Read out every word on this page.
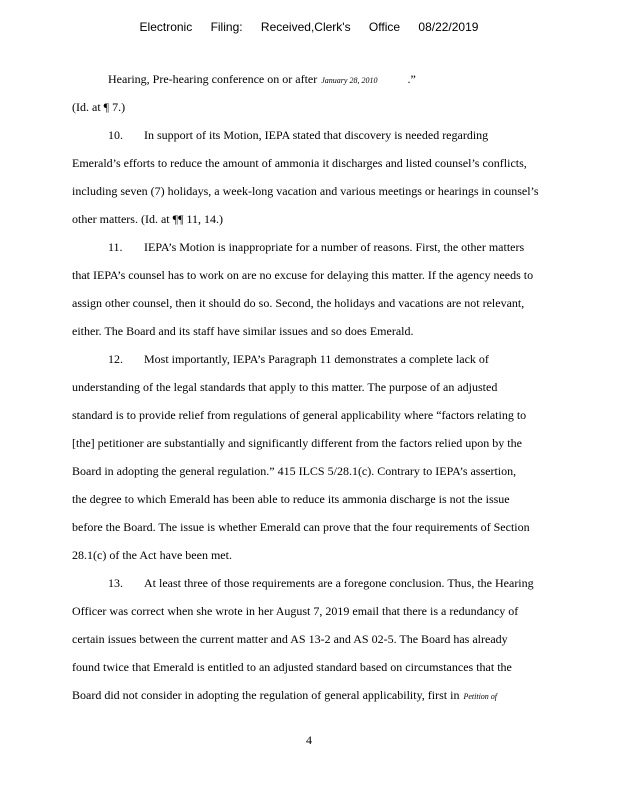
Electronic Filing: Received,Clerk's Office 08/22/2019
Hearing, Pre-hearing conference on or after January 28, 2010	.”
(Id. at ¶ 7.)
10. In support of its Motion, IEPA stated that discovery is needed regarding
Emerald’s efforts to reduce the amount of ammonia it discharges and listed counsel’s conflicts,
including seven (7) holidays, a week-long vacation and various meetings or hearings in counsel’s
other matters. (Id. at ¶¶ 11, 14.)
11. IEPA’s Motion is inappropriate for a number of reasons. First, the other matters
that IEPA’s counsel has to work on are no excuse for delaying this matter. If the agency needs to
assign other counsel, then it should do so. Second, the holidays and vacations are not relevant,
either. The Board and its staff have similar issues and so does Emerald.
12. Most importantly, IEPA’s Paragraph 11 demonstrates a complete lack of
understanding of the legal standards that apply to this matter. The purpose of an adjusted
standard is to provide relief from regulations of general applicability where “factors relating to
[the] petitioner are substantially and significantly different from the factors relied upon by the
Board in adopting the general regulation.” 415 ILCS 5/28.1(c). Contrary to IEPA’s assertion,
the degree to which Emerald has been able to reduce its ammonia discharge is not the issue
before the Board. The issue is whether Emerald can prove that the four requirements of Section
28.1(c) of the Act have been met.
13. At least three of those requirements are a foregone conclusion. Thus, the Hearing
Officer was correct when she wrote in her August 7, 2019 email that there is a redundancy of
certain issues between the current matter and AS 13-2 and AS 02-5. The Board has already
found twice that Emerald is entitled to an adjusted standard based on circumstances that the
Board did not consider in adopting the regulation of general applicability, first in Petition of
4
